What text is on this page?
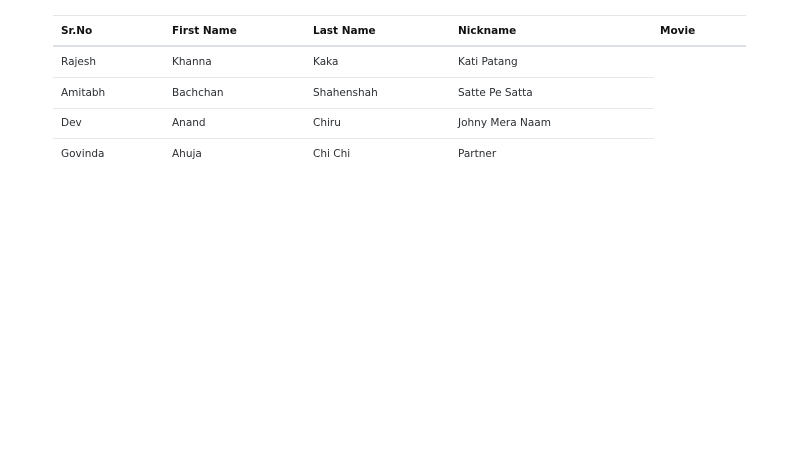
Sr.No	First Name	Last Name	Nickname	Movie
Rajesh	Khanna	Kaka	Kati Patang
Amitabh	Bachchan	Shahenshah	Satte Pe Satta
Dev	Anand	Chiru	Johny Mera Naam
Govinda	Ahuja	Chi Chi	Partner
